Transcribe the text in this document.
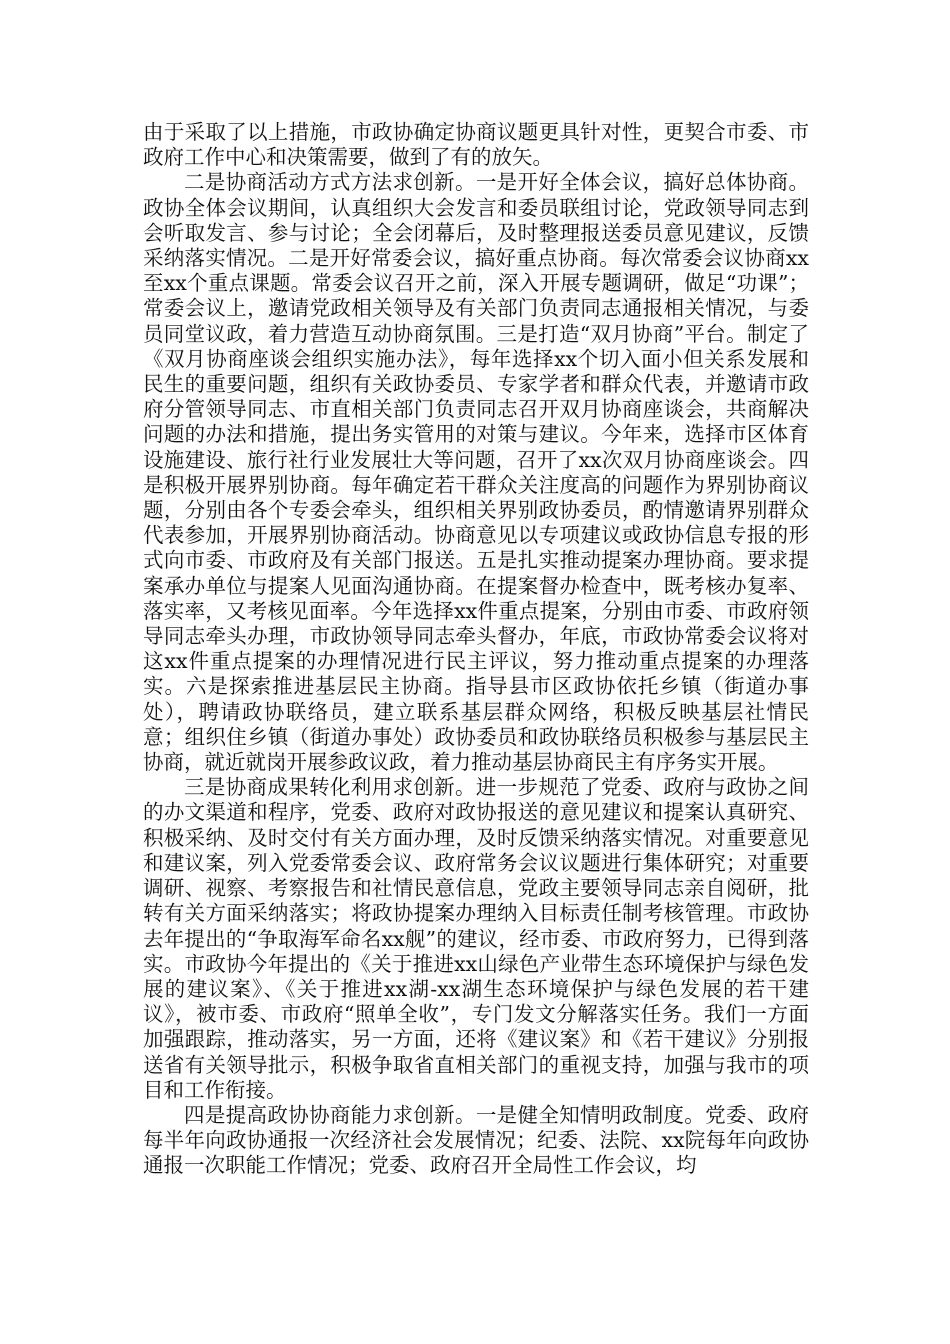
由于采取了以上措施，市政协确定协商议题更具针对性，更契合市委、市政府工作中心和决策需要，做到了有的放矢。

二是协商活动方式方法求创新。一是开好全体会议，搞好总体协商。政协全体会议期间，认真组织大会发言和委员联组讨论，党政领导同志到会听取发言、参与讨论；全会闭幕后，及时整理报送委员意见建议，反馈采纳落实情况。二是开好常委会议，搞好重点协商。每次常委会议协商xx至xx个重点课题。常委会议召开之前，深入开展专题调研，做足“功课”；常委会议上，邀请党政相关领导及有关部门负责同志通报相关情况，与委员同堂议政，着力营造互动协商氛围。三是打造“双月协商”平台。制定了《双月协商座谈会组织实施办法》，每年选择xx个切入面小但关系发展和民生的重要问题，组织有关政协委员、专家学者和群众代表，并邀请市政府分管领导同志、市直相关部门负责同志召开双月协商座谈会，共商解决问题的办法和措施，提出务实管用的对策与建议。今年来，选择市区体育设施建设、旅行社行业发展壮大等问题，召开了xx次双月协商座谈会。四是积极开展界别协商。每年确定若干群众关注度高的问题作为界别协商议题，分别由各个专委会牵头，组织相关界别政协委员，酌情邀请界别群众代表参加，开展界别协商活动。协商意见以专项建议或政协信息专报的形式向市委、市政府及有关部门报送。五是扎实推动提案办理协商。要求提案承办单位与提案人见面沟通协商。在提案督办检查中，既考核办复率、落实率，又考核见面率。今年选择xx件重点提案，分别由市委、市政府领导同志牵头办理，市政协领导同志牵头督办，年底，市政协常委会议将对这xx件重点提案的办理情况进行民主评议，努力推动重点提案的办理落实。六是探索推进基层民主协商。指导县市区政协依托乡镇（街道办事处），聘请政协联络员，建立联系基层群众网络，积极反映基层社情民意；组织住乡镇（街道办事处）政协委员和政协联络员积极参与基层民主协商，就近就岗开展参政议政，着力推动基层协商民主有序务实开展。

三是协商成果转化利用求创新。进一步规范了党委、政府与政协之间的办文渠道和程序，党委、政府对政协报送的意见建议和提案认真研究、积极采纳、及时交付有关方面办理，及时反馈采纳落实情况。对重要意见和建议案，列入党委常委会议、政府常务会议议题进行集体研究；对重要调研、视察、考察报告和社情民意信息，党政主要领导同志亲自阅研，批转有关方面采纳落实；将政协提案办理纳入目标责任制考核管理。市政协去年提出的“争取海军命名xx舰”的建议，经市委、市政府努力，已得到落实。市政协今年提出的《关于推进xx山绿色产业带生态环境保护与绿色发展的建议案》、《关于推进xx湖-xx湖生态环境保护与绿色发展的若干建议》，被市委、市政府“照单全收”，专门发文分解落实任务。我们一方面加强跟踪，推动落实，另一方面，还将《建议案》和《若干建议》分别报送省有关领导批示，积极争取省直相关部门的重视支持，加强与我市的项目和工作衔接。

四是提高政协协商能力求创新。一是健全知情明政制度。党委、政府每半年向政协通报一次经济社会发展情况；纪委、法院、xx院每年向政协通报一次职能工作情况；党委、政府召开全局性工作会议，均
